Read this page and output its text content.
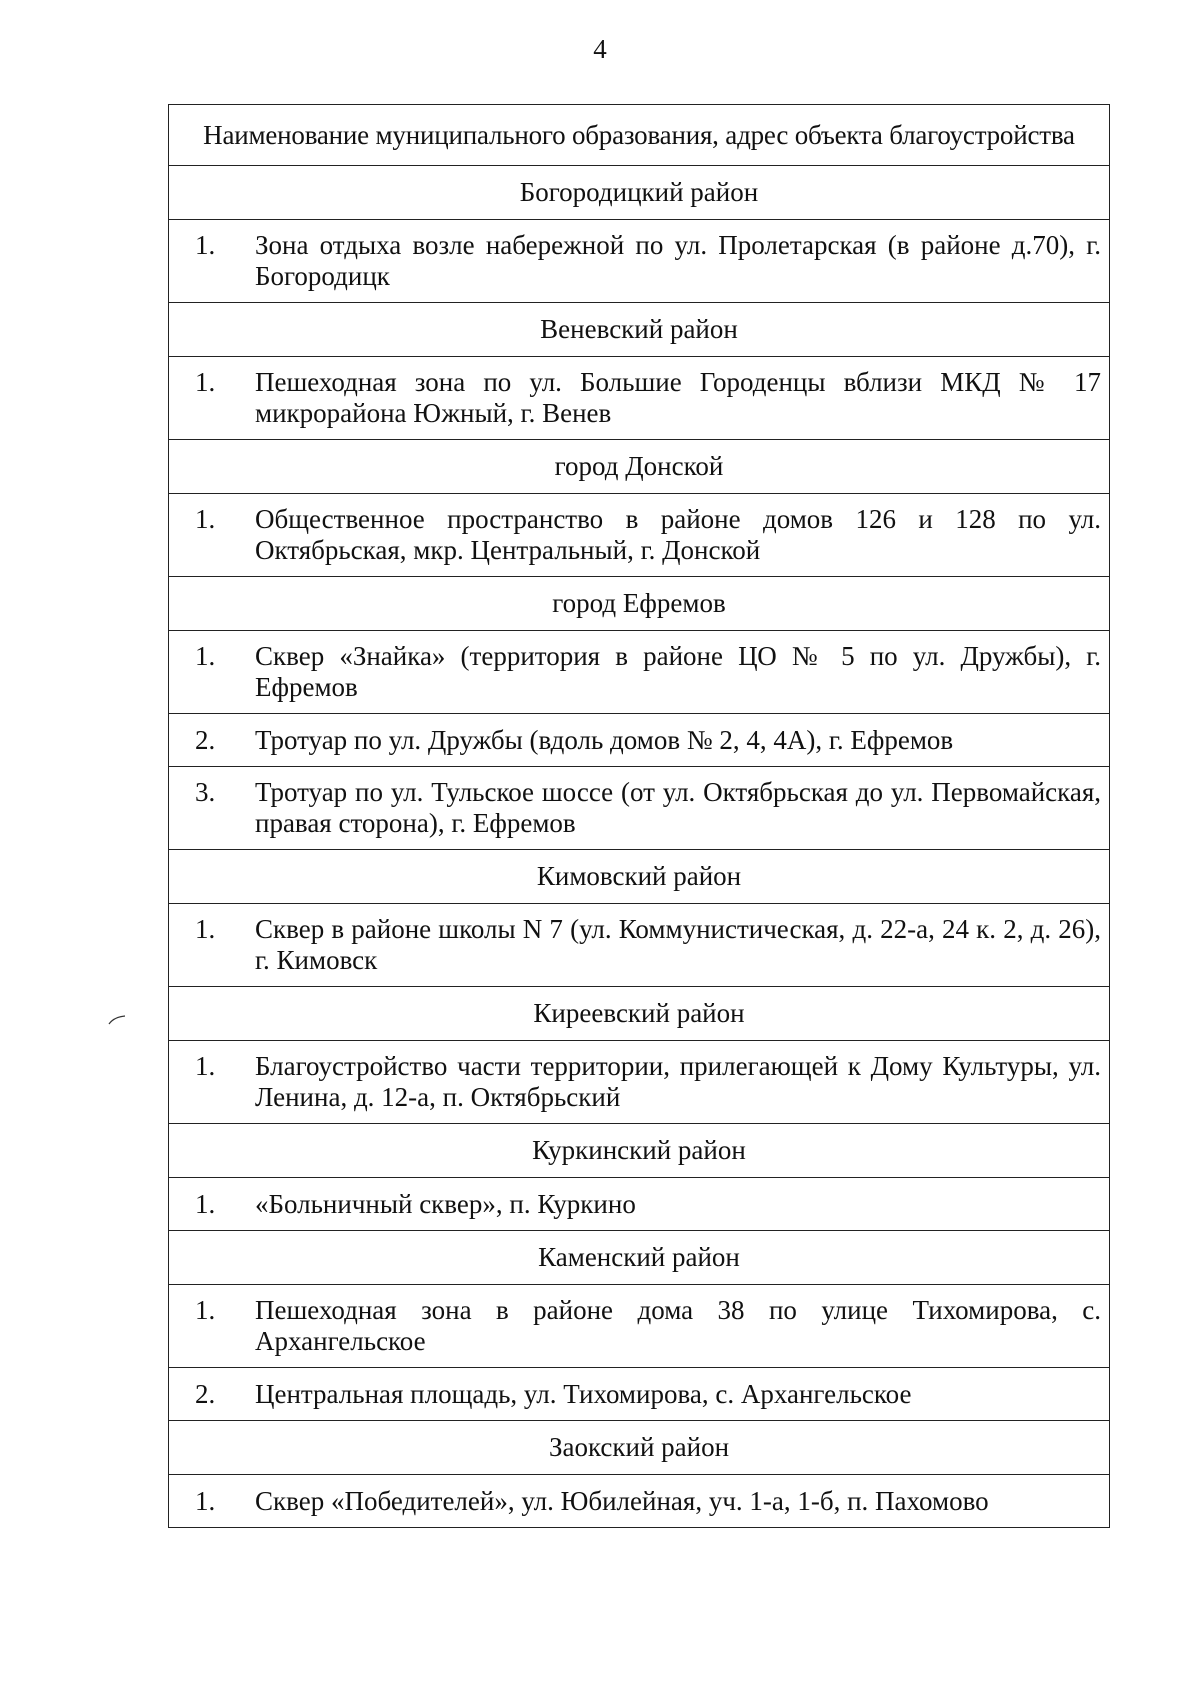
4
Наименование муниципального образования, адрес объекта благоустройства
Богородицкий район

1.	Зона отдыха возле набережной по ул. Пролетарская (в районе д.70), г. Богородицк

Веневский район

1.	Пешеходная зона по ул. Большие Городенцы вблизи МКД № 17 микрорайона Южный, г. Венев

город Донской

1.	Общественное пространство в районе домов 126 и 128 по ул. Октябрьская, мкр. Центральный, г. Донской

город Ефремов

1.	Сквер «Знайка» (территория в районе ЦО № 5 по ул. Дружбы), г. Ефремов

2.	Тротуар по ул. Дружбы (вдоль домов № 2, 4, 4А), г. Ефремов

3.	Тротуар по ул. Тульское шоссе (от ул. Октябрьская до ул. Первомайская, правая сторона), г. Ефремов

Кимовский район

1.	Сквер в районе школы N 7 (ул. Коммунистическая, д. 22-а, 24 к. 2, д. 26), г. Кимовск

Киреевский район

1.	Благоустройство части территории, прилегающей к Дому Культуры, ул. Ленина, д. 12-а, п. Октябрьский

Куркинский район

1.	«Больничный сквер», п. Куркино

Каменский район

1.	Пешеходная зона в районе дома 38 по улице Тихомирова, с. Архангельское

2.	Центральная площадь, ул. Тихомирова, с. Архангельское

Заокский район

1.	Сквер «Победителей», ул. Юбилейная, уч. 1-а, 1-б, п. Пахомово
